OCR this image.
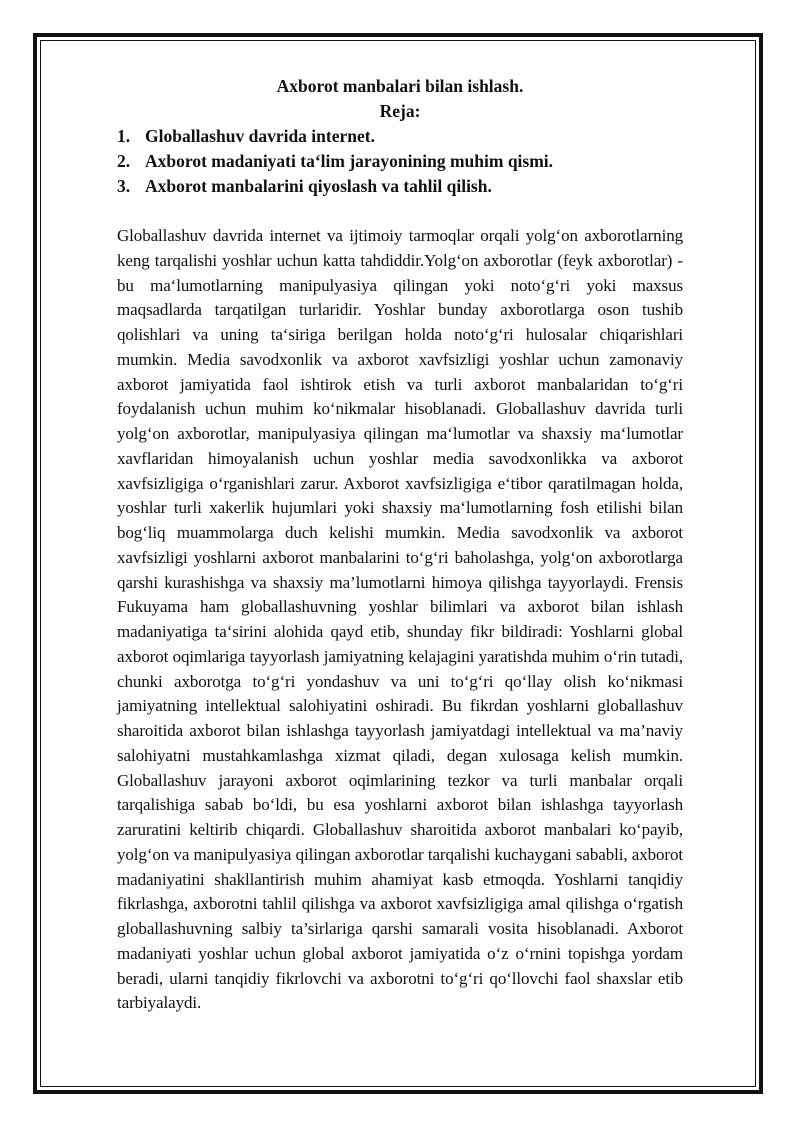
Axborot manbalari bilan ishlash.
Reja:
1. Globallashuv davrida internet.
2. Axborot madaniyati ta‘lim jarayonining muhim qismi.
3. Axborot manbalarini qiyoslash va tahlil qilish.

Globallashuv davrida internet va ijtimoiy tarmoqlar orqali yolg‘on axborotlarning keng tarqalishi yoshlar uchun katta tahdiddir.Yolg‘on axborotlar (feyk axborotlar) - bu ma‘lumotlarning manipulyasiya qilingan yoki noto‘g‘ri yoki maxsus maqsadlarda tarqatilgan turlaridir. Yoshlar bunday axborotlarga oson tushib qolishlari va uning ta‘siriga berilgan holda noto‘g‘ri hulosalar chiqarishlari mumkin. Media savodxonlik va axborot xavfsizligi yoshlar uchun zamonaviy axborot jamiyatida faol ishtirok etish va turli axborot manbalaridan to‘g‘ri foydalanish uchun muhim ko‘nikmalar hisoblanadi. Globallashuv davrida turli yolg‘on axborotlar, manipulyasiya qilingan ma‘lumotlar va shaxsiy ma‘lumotlar xavflaridan himoyalanish uchun yoshlar media savodxonlikka va axborot xavfsizligiga o‘rganishlari zarur. Axborot xavfsizligiga e‘tibor qaratilmagan holda, yoshlar turli xakerlik hujumlari yoki shaxsiy ma‘lumotlarning fosh etilishi bilan bog‘liq muammolarga duch kelishi mumkin. Media savodxonlik va axborot xavfsizligi yoshlarni axborot manbalarini to‘g‘ri baholashga, yolg‘on axborotlarga qarshi kurashishga va shaxsiy ma’lumotlarni himoya qilishga tayyorlaydi. Frensis Fukuyama ham globallashuvning yoshlar bilimlari va axborot bilan ishlash madaniyatiga ta‘sirini alohida qayd etib, shunday fikr bildiradi: Yoshlarni global axborot oqimlariga tayyorlash jamiyatning kelajagini yaratishda muhim o‘rin tutadi, chunki axborotga to‘g‘ri yondashuv va uni to‘g‘ri qo‘llay olish ko‘nikmasi jamiyatning intellektual salohiyatini oshiradi. Bu fikrdan yoshlarni globallashuv sharoitida axborot bilan ishlashga tayyorlash jamiyatdagi intellektual va ma’naviy salohiyatni mustahkamlashga xizmat qiladi, degan xulosaga kelish mumkin. Globallashuv jarayoni axborot oqimlarining tezkor va turli manbalar orqali tarqalishiga sabab bo‘ldi, bu esa yoshlarni axborot bilan ishlashga tayyorlash zaruratini keltirib chiqardi. Globallashuv sharoitida axborot manbalari ko‘payib, yolg‘on va manipulyasiya qilingan axborotlar tarqalishi kuchaygani sababli, axborot madaniyatini shakllantirish muhim ahamiyat kasb etmoqda. Yoshlarni tanqidiy fikrlashga, axborotni tahlil qilishga va axborot xavfsizligiga amal qilishga o‘rgatish globallashuvning salbiy ta’sirlariga qarshi samarali vosita hisoblanadi. Axborot madaniyati yoshlar uchun global axborot jamiyatida o‘z o‘rnini topishga yordam beradi, ularni tanqidiy fikrlovchi va axborotni to‘g‘ri qo‘llovchi faol shaxslar etib tarbiyalaydi.
